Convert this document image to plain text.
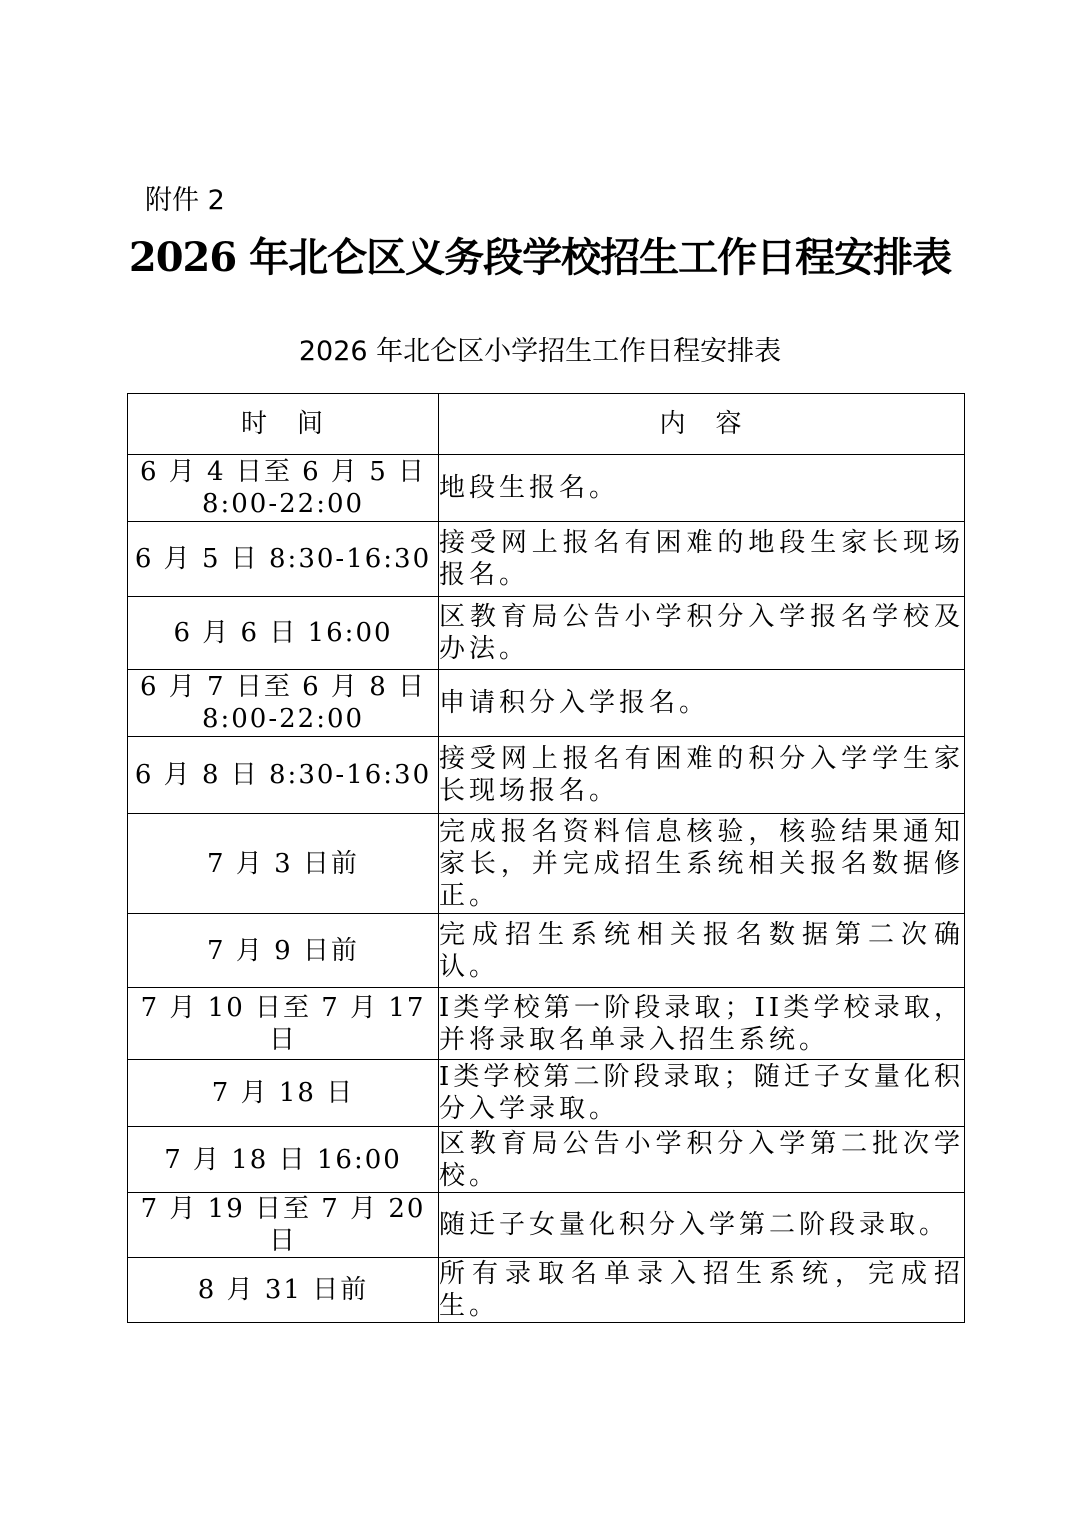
附件 2
2026 年北仑区义务段学校招生工作日程安排表
2026 年北仑区小学招生工作日程安排表
时　间	内　容
6 月 4 日至 6 月 5 日 8:00-22:00	地段生报名。
6 月 5 日 8:30-16:30	接受网上报名有困难的地段生家长现场报名。
6 月 6 日 16:00	区教育局公告小学积分入学报名学校及办法。
6 月 7 日至 6 月 8 日 8:00-22:00	申请积分入学报名。
6 月 8 日 8:30-16:30	接受网上报名有困难的积分入学学生家长现场报名。
7 月 3 日前	完成报名资料信息核验，核验结果通知家长，并完成招生系统相关报名数据修正。
7 月 9 日前	完成招生系统相关报名数据第二次确认。
7 月 10 日至 7 月 17 日	I类学校第一阶段录取；II类学校录取，并将录取名单录入招生系统。
7 月 18 日	I类学校第二阶段录取；随迁子女量化积分入学录取。
7 月 18 日 16:00	区教育局公告小学积分入学第二批次学校。
7 月 19 日至 7 月 20 日	随迁子女量化积分入学第二阶段录取。
8 月 31 日前	所有录取名单录入招生系统，完成招生。
